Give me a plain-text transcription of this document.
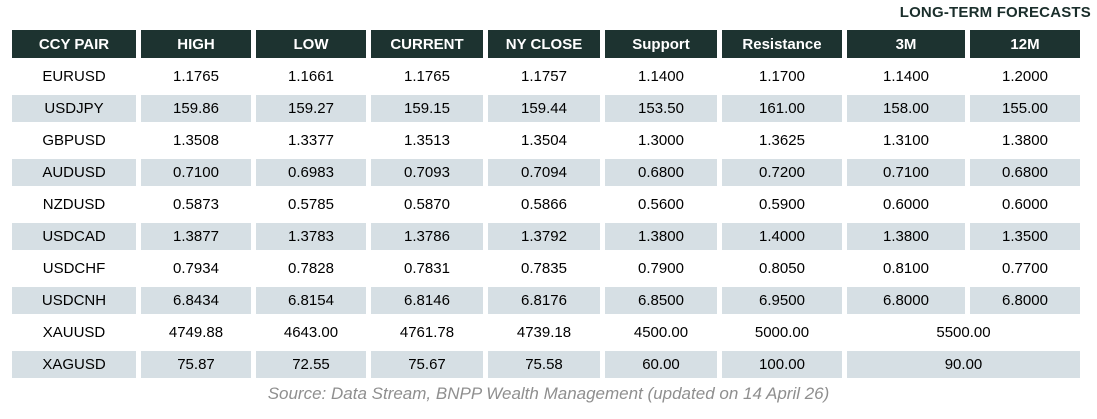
LONG-TERM FORECASTS
CCY PAIR	HIGH	LOW	CURRENT	NY CLOSE	Support	Resistance	3M	12M
EURUSD	1.1765	1.1661	1.1765	1.1757	1.1400	1.1700	1.1400	1.2000
USDJPY	159.86	159.27	159.15	159.44	153.50	161.00	158.00	155.00
GBPUSD	1.3508	1.3377	1.3513	1.3504	1.3000	1.3625	1.3100	1.3800
AUDUSD	0.7100	0.6983	0.7093	0.7094	0.6800	0.7200	0.7100	0.6800
NZDUSD	0.5873	0.5785	0.5870	0.5866	0.5600	0.5900	0.6000	0.6000
USDCAD	1.3877	1.3783	1.3786	1.3792	1.3800	1.4000	1.3800	1.3500
USDCHF	0.7934	0.7828	0.7831	0.7835	0.7900	0.8050	0.8100	0.7700
USDCNH	6.8434	6.8154	6.8146	6.8176	6.8500	6.9500	6.8000	6.8000
XAUUSD	4749.88	4643.00	4761.78	4739.18	4500.00	5000.00	5500.00	
XAGUSD	75.87	72.55	75.67	75.58	60.00	100.00	90.00	
Source: Data Stream, BNPP Wealth Management (updated on 14 April 26)
